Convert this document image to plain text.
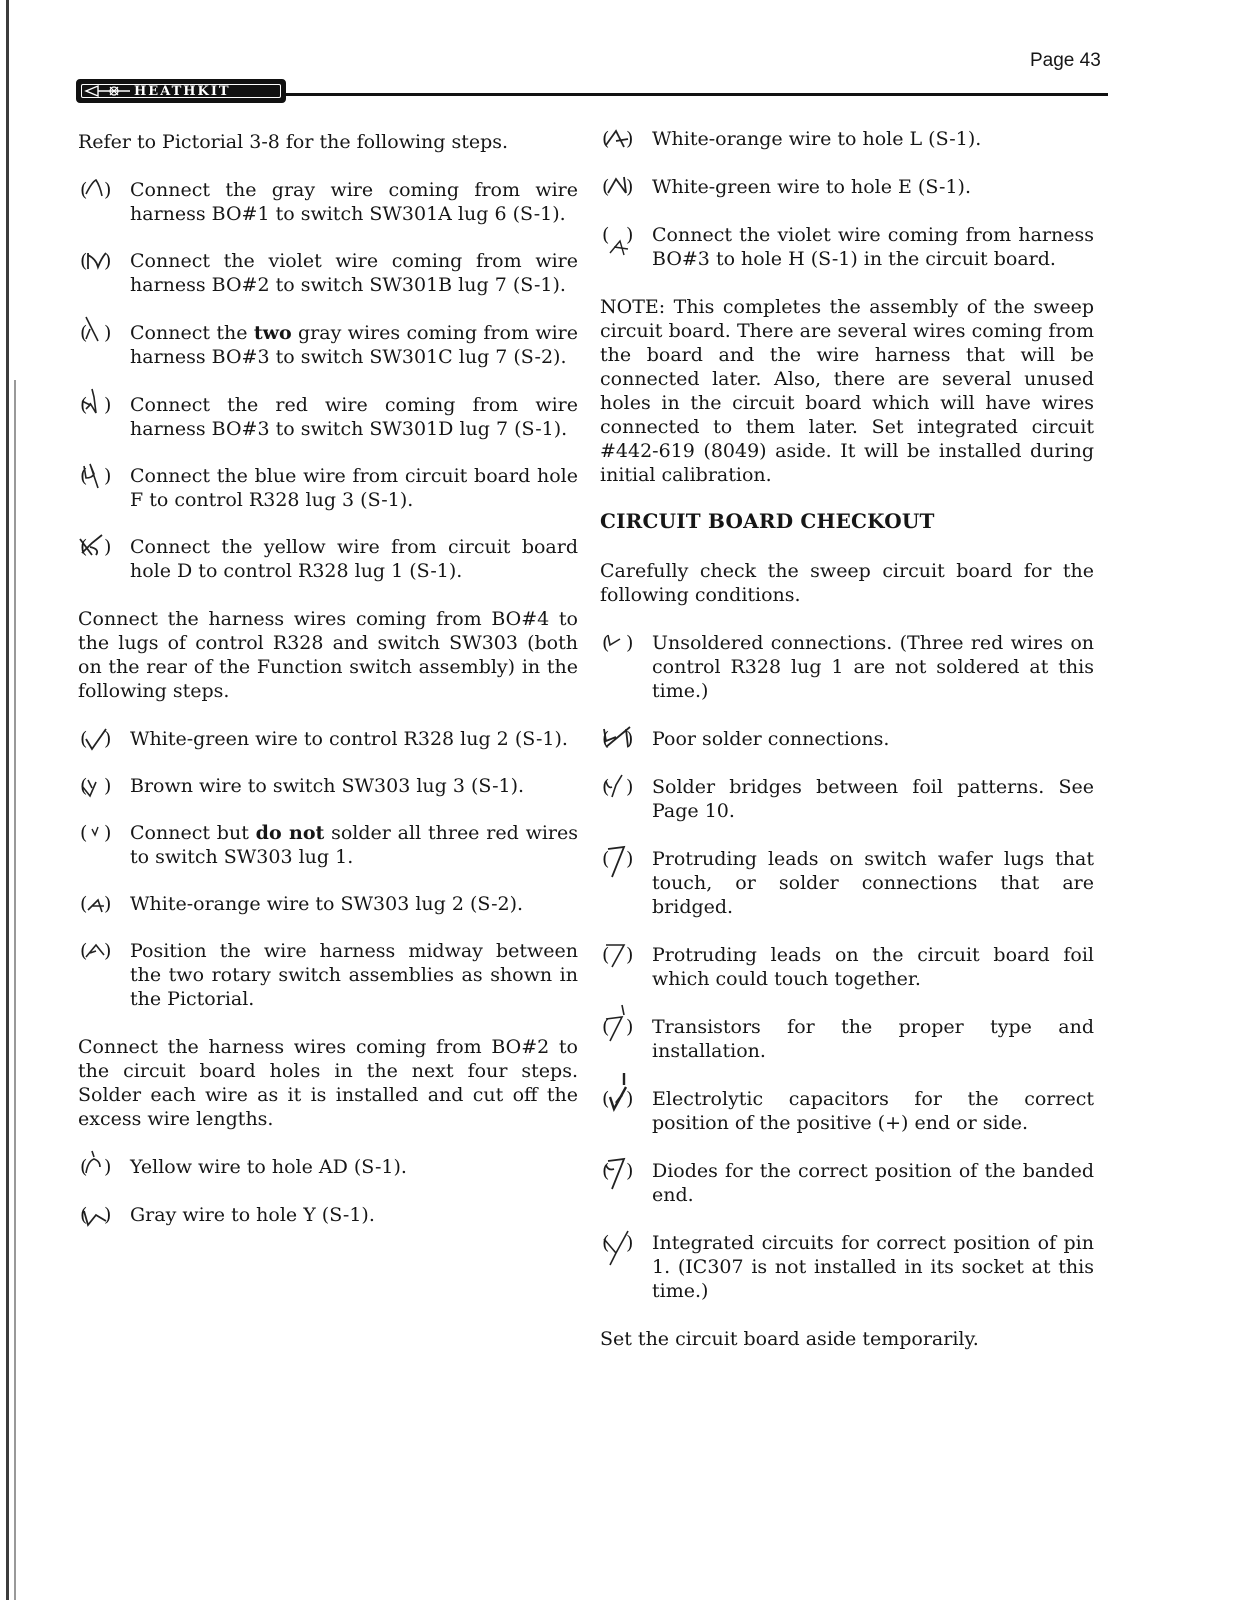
Page 43
HEATHKIT

Refer to Pictorial 3-8 for the following steps.

( ) Connect the gray wire coming from wire harness BO#1 to switch SW301A lug 6 (S-1).
( ) Connect the violet wire coming from wire harness BO#2 to switch SW301B lug 7 (S-1).
( ) Connect the two gray wires coming from wire harness BO#3 to switch SW301C lug 7 (S-2).
( ) Connect the red wire coming from wire harness BO#3 to switch SW301D lug 7 (S-1).
( ) Connect the blue wire from circuit board hole F to control R328 lug 3 (S-1).
( ) Connect the yellow wire from circuit board hole D to control R328 lug 1 (S-1).

Connect the harness wires coming from BO#4 to the lugs of control R328 and switch SW303 (both on the rear of the Function switch assembly) in the following steps.

( ) White-green wire to control R328 lug 2 (S-1).
( ) Brown wire to switch SW303 lug 3 (S-1).
( ) Connect but do not solder all three red wires to switch SW303 lug 1.
( ) White-orange wire to SW303 lug 2 (S-2).
( ) Position the wire harness midway between the two rotary switch assemblies as shown in the Pictorial.

Connect the harness wires coming from BO#2 to the circuit board holes in the next four steps. Solder each wire as it is installed and cut off the excess wire lengths.

( ) Yellow wire to hole AD (S-1).
( ) Gray wire to hole Y (S-1).
( ) White-orange wire to hole L (S-1).
( ) White-green wire to hole E (S-1).
( ) Connect the violet wire coming from harness BO#3 to hole H (S-1) in the circuit board.

NOTE: This completes the assembly of the sweep circuit board. There are several wires coming from the board and the wire harness that will be connected later. Also, there are several unused holes in the circuit board which will have wires connected to them later. Set integrated circuit #442-619 (8049) aside. It will be installed during initial calibration.

CIRCUIT BOARD CHECKOUT

Carefully check the sweep circuit board for the following conditions.

( ) Unsoldered connections. (Three red wires on control R328 lug 1 are not soldered at this time.)
( ) Poor solder connections.
( ) Solder bridges between foil patterns. See Page 10.
( ) Protruding leads on switch wafer lugs that touch, or solder connections that are bridged.
( ) Protruding leads on the circuit board foil which could touch together.
( ) Transistors for the proper type and installation.
( ) Electrolytic capacitors for the correct position of the positive (+) end or side.
( ) Diodes for the correct position of the banded end.
( ) Integrated circuits for correct position of pin 1. (IC307 is not installed in its socket at this time.)

Set the circuit board aside temporarily.
